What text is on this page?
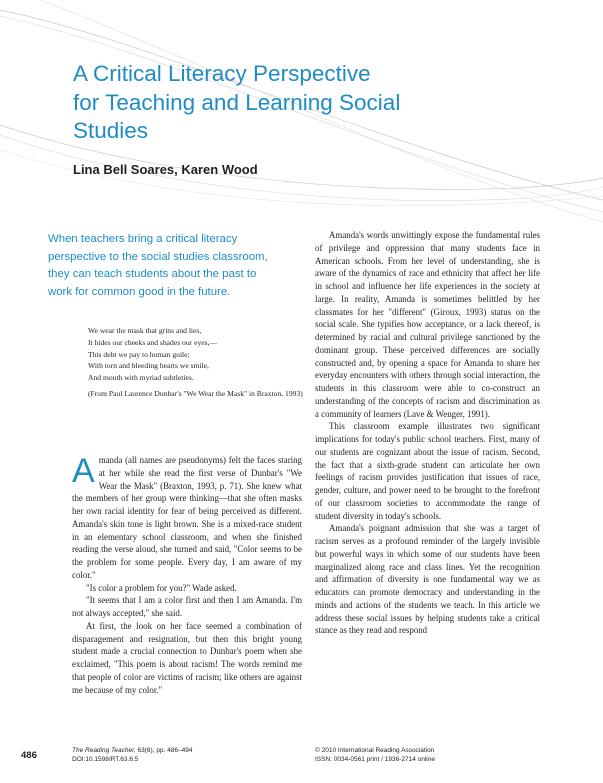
A Critical Literacy Perspective
for Teaching and Learning Social
Studies

Lina Bell Soares, Karen Wood

When teachers bring a critical literacy
perspective to the social studies classroom,
they can teach students about the past to
work for common good in the future.

We wear the mask that grins and lies,
It hides our cheeks and shades our eyes,—
This debt we pay to human guile;
With torn and bleeding hearts we smile,
And mouth with myriad subtleties.
(From Paul Laurence Dunbar's "We Wear the Mask" in Braxton, 1993)

Amanda (all names are pseudonyms) felt the faces staring at her while she read the first verse of Dunbar's "We Wear the Mask" (Braxton, 1993, p. 71). She knew what the members of her group were thinking—that she often masks her own racial identity for fear of being perceived as different. Amanda's skin tone is light brown. She is a mixed-race student in an elementary school classroom, and when she finished reading the verse aloud, she turned and said, "Color seems to be the problem for some people. Every day, I am aware of my color."

"Is color a problem for you?" Wade asked.

"It seems that I am a color first and then I am Amanda. I'm not always accepted," she said.

At first, the look on her face seemed a combination of disparagement and resignation, but then this bright young student made a crucial connection to Dunbar's poem when she exclaimed, "This poem is about racism! The words remind me that people of color are victims of racism; like others are against me because of my color."

Amanda's words unwittingly expose the fundamental rules of privilege and oppression that many students face in American schools. From her level of understanding, she is aware of the dynamics of race and ethnicity that affect her life in school and influence her life experiences in the society at large. In reality, Amanda is sometimes belittled by her classmates for her "different" (Giroux, 1993) status on the social scale. She typifies how acceptance, or a lack thereof, is determined by racial and cultural privilege sanctioned by the dominant group. These perceived differences are socially constructed and, by opening a space for Amanda to share her everyday encounters with others through social interaction, the students in this classroom were able to co-construct an understanding of the concepts of racism and discrimination as a community of learners (Lave & Wenger, 1991).

This classroom example illustrates two significant implications for today's public school teachers. First, many of our students are cognizant about the issue of racism. Second, the fact that a sixth-grade student can articulate her own feelings of racism provides justification that issues of race, gender, culture, and power need to be brought to the forefront of our classroom societies to accommodate the range of student diversity in today's schools.

Amanda's poignant admission that she was a target of racism serves as a profound reminder of the largely invisible but powerful ways in which some of our students have been marginalized along race and class lines. Yet the recognition and affirmation of diversity is one fundamental way we as educators can promote democracy and understanding in the minds and actions of the students we teach. In this article we address these social issues by helping students take a critical stance as they read and respond

486	The Reading Teacher, 63(6), pp. 486–494
DOI:10.1598/RT.63.6.5
© 2010 International Reading Association
ISSN: 0034-0561 print / 1936-2714 online
